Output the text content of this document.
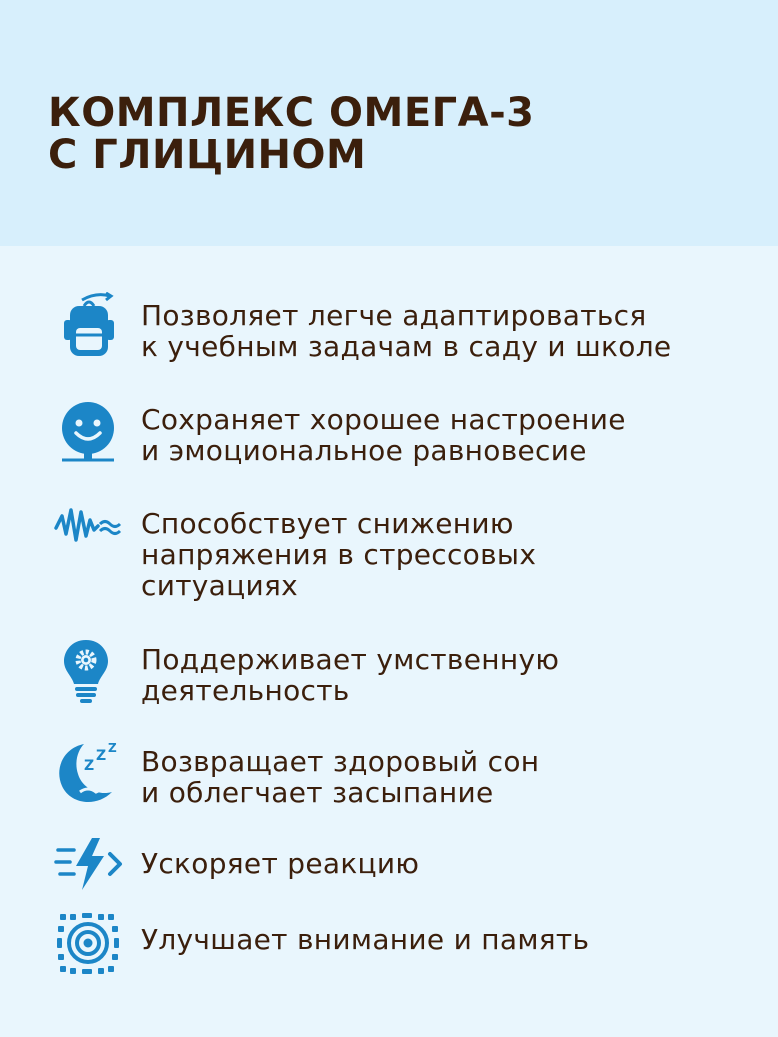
КОМПЛЕКС ОМЕГА-3
С ГЛИЦИНОМ
Позволяет легче адаптироваться
к учебным задачам в саду и школе
Сохраняет хорошее настроение
и эмоциональное равновесие
Способствует снижению
напряжения в стрессовых
ситуациях
Поддерживает умственную
деятельность
Z
Z Z Возвращает здоровый сон
и облегчает засыпание
Ускоряет реакцию
Улучшает внимание и память
